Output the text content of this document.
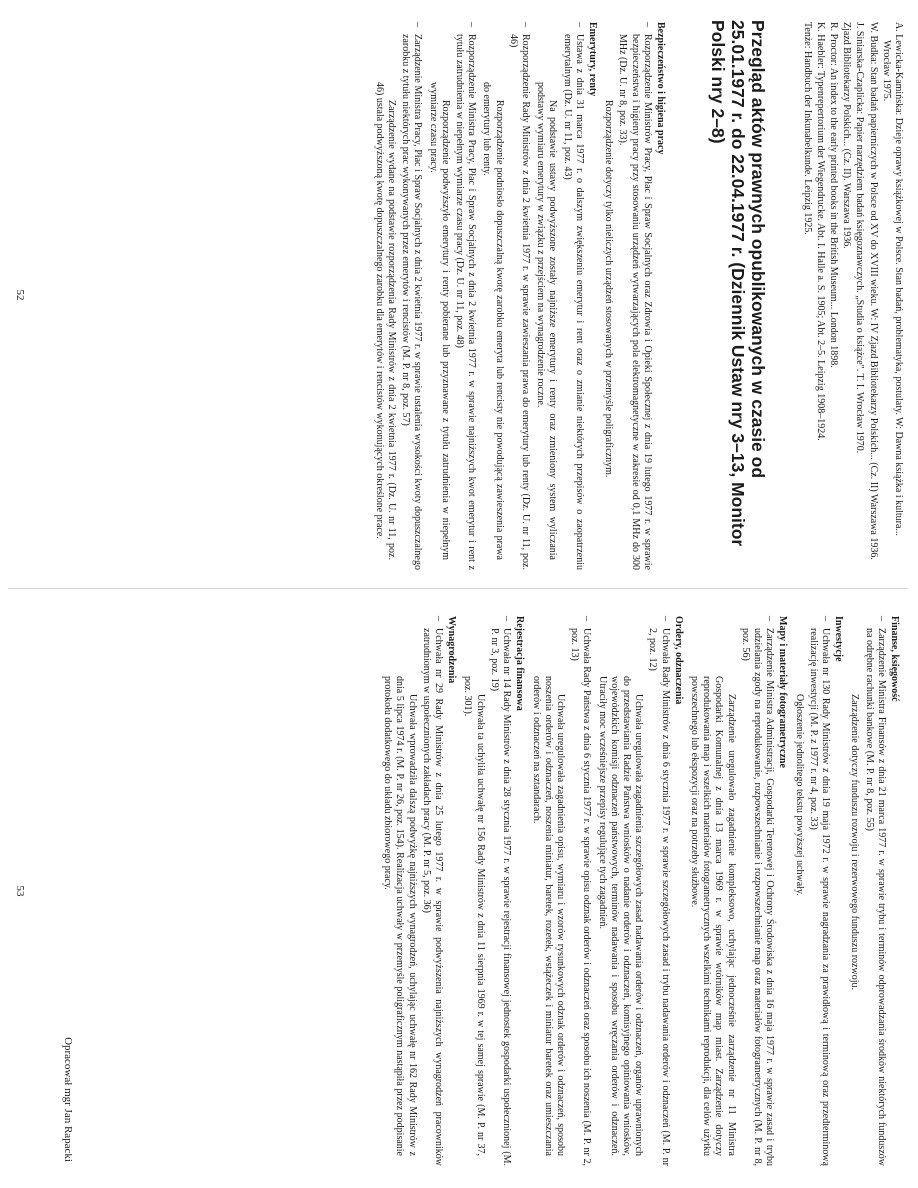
A. Lewicka-Kamińska: Dzieje oprawy książkowej w Polsce. Stan badań, problematyka, postulaty. W: Dawna książka i kultura... Wrocław 1975.

W. Budka: Stan badań papierniczych w Polsce od XV do XVIII wieku. W: IV Zjazd Bibliotekarzy Polskich... (Cz. II) Warszawa 1936.

J. Siniarska-Czaplicka: Papier narzędziem badań księgoznawczych. „Studia o książce". T. I. Wrocław 1970.

Zjazd Bibliotekarzy Polskich... (Cz. II). Warszawa 1936.

R. Proctor: An index to the early printed books in the British Museum... London 1898.

K. Haebler: Typenrepertorium der Wiegendrucke. Abt. I. Halle a. S. 1905; Abt. 2–5. Leipzig 1908–1924.

Tenże: Handbuch der Inkunabelkunde. Leipzig 1925.

Przegląd aktów prawnych opublikowanych w czasie od 25.01.1977 r. do 22.04.1977 r. (Dziennik Ustaw nry 3–13, Monitor Polski nry 2–8)
Bezpieczeństwo i higiena pracy
–Rozporządzenie Ministrów Pracy, Płac i Spraw Socjalnych oraz Zdrowia i Opieki Społecznej z dnia 19 lutego 1977 r. w sprawie bezpieczeństwa i higieny pracy przy stosowaniu urządzeń wytwarzających pola elektromagnetyczne w zakresie od 0,1 MHz do 300 MHz (Dz. U. nr 8, poz. 33).
Rozporządzenie dotyczy tylko nieliczych urządzeń stosowanych w przemyśle poligraficznym.
Emerytury, renty
–Ustawa z dnia 31 marca 1977 r. o dalszym zwiększeniu emerytur i rent oraz o zmianie niektórych przepisów o zaopatrzeniu emerytalnym (Dz. U. nr 11, poz. 43)
Na podstawie ustawy podwyższone zostały najniższe emerytury i renty oraz zmieniony system wyliczania podstawy wymiaru emerytury w związku z przejściem na wynagrodzenie roczne.
–Rozporządzenie Rady Ministrów z dnia 2 kwietnia 1977 r. w sprawie zawieszania prawa do emerytury lub renty (Dz. U. nr 11, poz. 46)
Rozporządzenie podniosło dopuszczalną kwotę zarobku emeryta lub rencisty nie powodującą zawieszenia prawa do emerytury lub renty.
–Rozporządzenie Ministra Pracy, Płac i Spraw Socjalnych z dnia 2 kwietnia 1977 r. w sprawie najniższych kwot emerytur i rent z tytułu zatrudnienia w niepełnym wymiarze czasu pracy (Dz. U. nr 11, poz. 48)
Rozporządzenie podwyższyło emerytury i renty pobierane lub przyznawane z tytułu zatrudnienia w niepełnym wymiarze czasu pracy.
–Zarządzenie Ministra Pracy, Płac i Spraw Socjalnych z dnia 2 kwietnia 1977 r. w sprawie ustalenia wysokości kwoty dopuszczalnego zarobku z tytułu niektórych prac wykonywanych przez emerytów i rencistów (M. P. nr 8, poz. 57)
Zarządzenie wydane na podstawie rozporządzenia Rady Ministrów z dnia 2 kwietnia 1977 r. (Dz. U. nr 11, poz. 46) ustala podwyższoną kwotę dopuszczalnego zarobku dla emerytów i rencistów wykonujących określone prace.
52
Finanse, księgowość
–Zarządzenie Ministra Finansów z dnia 21 marca 1977 r. w sprawie trybu i terminów odprowadzania środków niektórych funduszów na odrębne rachunki bankowe (M. P. nr 8, poz. 55)
Zarządzenie dotyczy funduszu rozwoju i rezerwowego funduszu rozwoju.
Inwestycje
–Uchwała nr 130 Rady Ministrów z dnia 19 maja 1972 r. w sprawie nagradzania za prawidłową i terminową oraz przedterminową realizację inwestycji (M. P. z 1977 r. nr 4, poz. 33)
Ogłoszenie jednolitego tekstu powyższej uchwały.
Mapy i materiały fotogrametryczne
–Zarządzenie Ministra Administracji, Gospodarki Terenowej i Ochrony Środowiska z dnia 16 maja 1977 r. w sprawie zasad i trybu udzielania zgody na reprodukowanie, rozpowszechnianie i rozpowszechnianie map oraz materiałów fotogrametrycznych (M. P. nr 8, poz. 56)
Zarządzenie uregulowało zagadnienie kompleksowo, uchylając jednocześnie zarządzenie nr 11 Ministra Gospodarki Komunalnej z dnia 13 marca 1969 r. w sprawie wtórników map miast. Zarządzenie dotyczy reprodukowania map i wszelkich materiałów fotogrametrycznych wszelkimi technikami reprodukcji, dla celów użytku powszechnego lub ekspozycji oraz na potrzeby służbowe.
Ordery, odznaczenia
–Uchwała Rady Ministrów z dnia 6 stycznia 1977 r. w sprawie szczegółowych zasad i trybu nadawania orderów i odznaczeń (M. P. nr 2, poz. 12)
Uchwała uregulowała zagadnienia szczegółowych zasad nadawania orderów i odznaczeń, organów uprawnionych do przedstawiania Radzie Państwa wniosków o nadanie orderów i odznaczeń, komisyjnego opiniowania wniosków, wojewódzkich komisji odznaczeń państwowych, terminów nadawania i sposobu wręczania orderów i odznaczeń. Utraciły moc wcześniejsze przepisy regulujące tych zagadnień.
–Uchwała Rady Państwa z dnia 6 stycznia 1977 r. w sprawie opisu odznak orderów i odznaczeń oraz sposobu ich noszenia (M. P. nr 2, poz. 13)
Uchwała uregulowała zagadnienia opisu, wymiaru i wzorów rysunkowych odznak orderów i odznaczeń, sposobu noszenia orderów i odznaczeń, noszenia miniatur, baretek, rozetek, wstążeczek i miniatur baretek oraz umieszczania orderów i odznaczeń na sztandarach.
Rejestracja finansowa
–Uchwała nr 14 Rady Ministrów z dnia 28 stycznia 1977 r. w sprawie rejestracji finansowej jednostek gospodarki uspołecznionej (M. P. nr 3, poz. 19)
Uchwała ta uchyliła uchwałę nr 156 Rady Ministrów z dnia 11 sierpnia 1969 r. w tej samej sprawie (M. P. nr 37, poz. 301).
Wynagrodzenia
–Uchwała nr 29 Rady Ministrów z dnia 25 lutego 1977 r. w sprawie podwyższenia najniższych wynagrodzeń pracowników zatrudnionym w uspołecznionych zakładach pracy (M. P. nr 5, poz. 36)
Uchwała wprowadziła dalszą podwyżkę najniższych wynagrodzeń, uchylając uchwałę nr 162 Rady Ministrów z dnia 5 lipca 1974 r. (M. P. nr 26, poz. 154). Realizacja uchwały w przemyśle poligraficznym nastąpiła przez podpisanie protokołu dodatkowego do układu zbiorowego pracy.
Opracował mgr Jan Rapacki
53
